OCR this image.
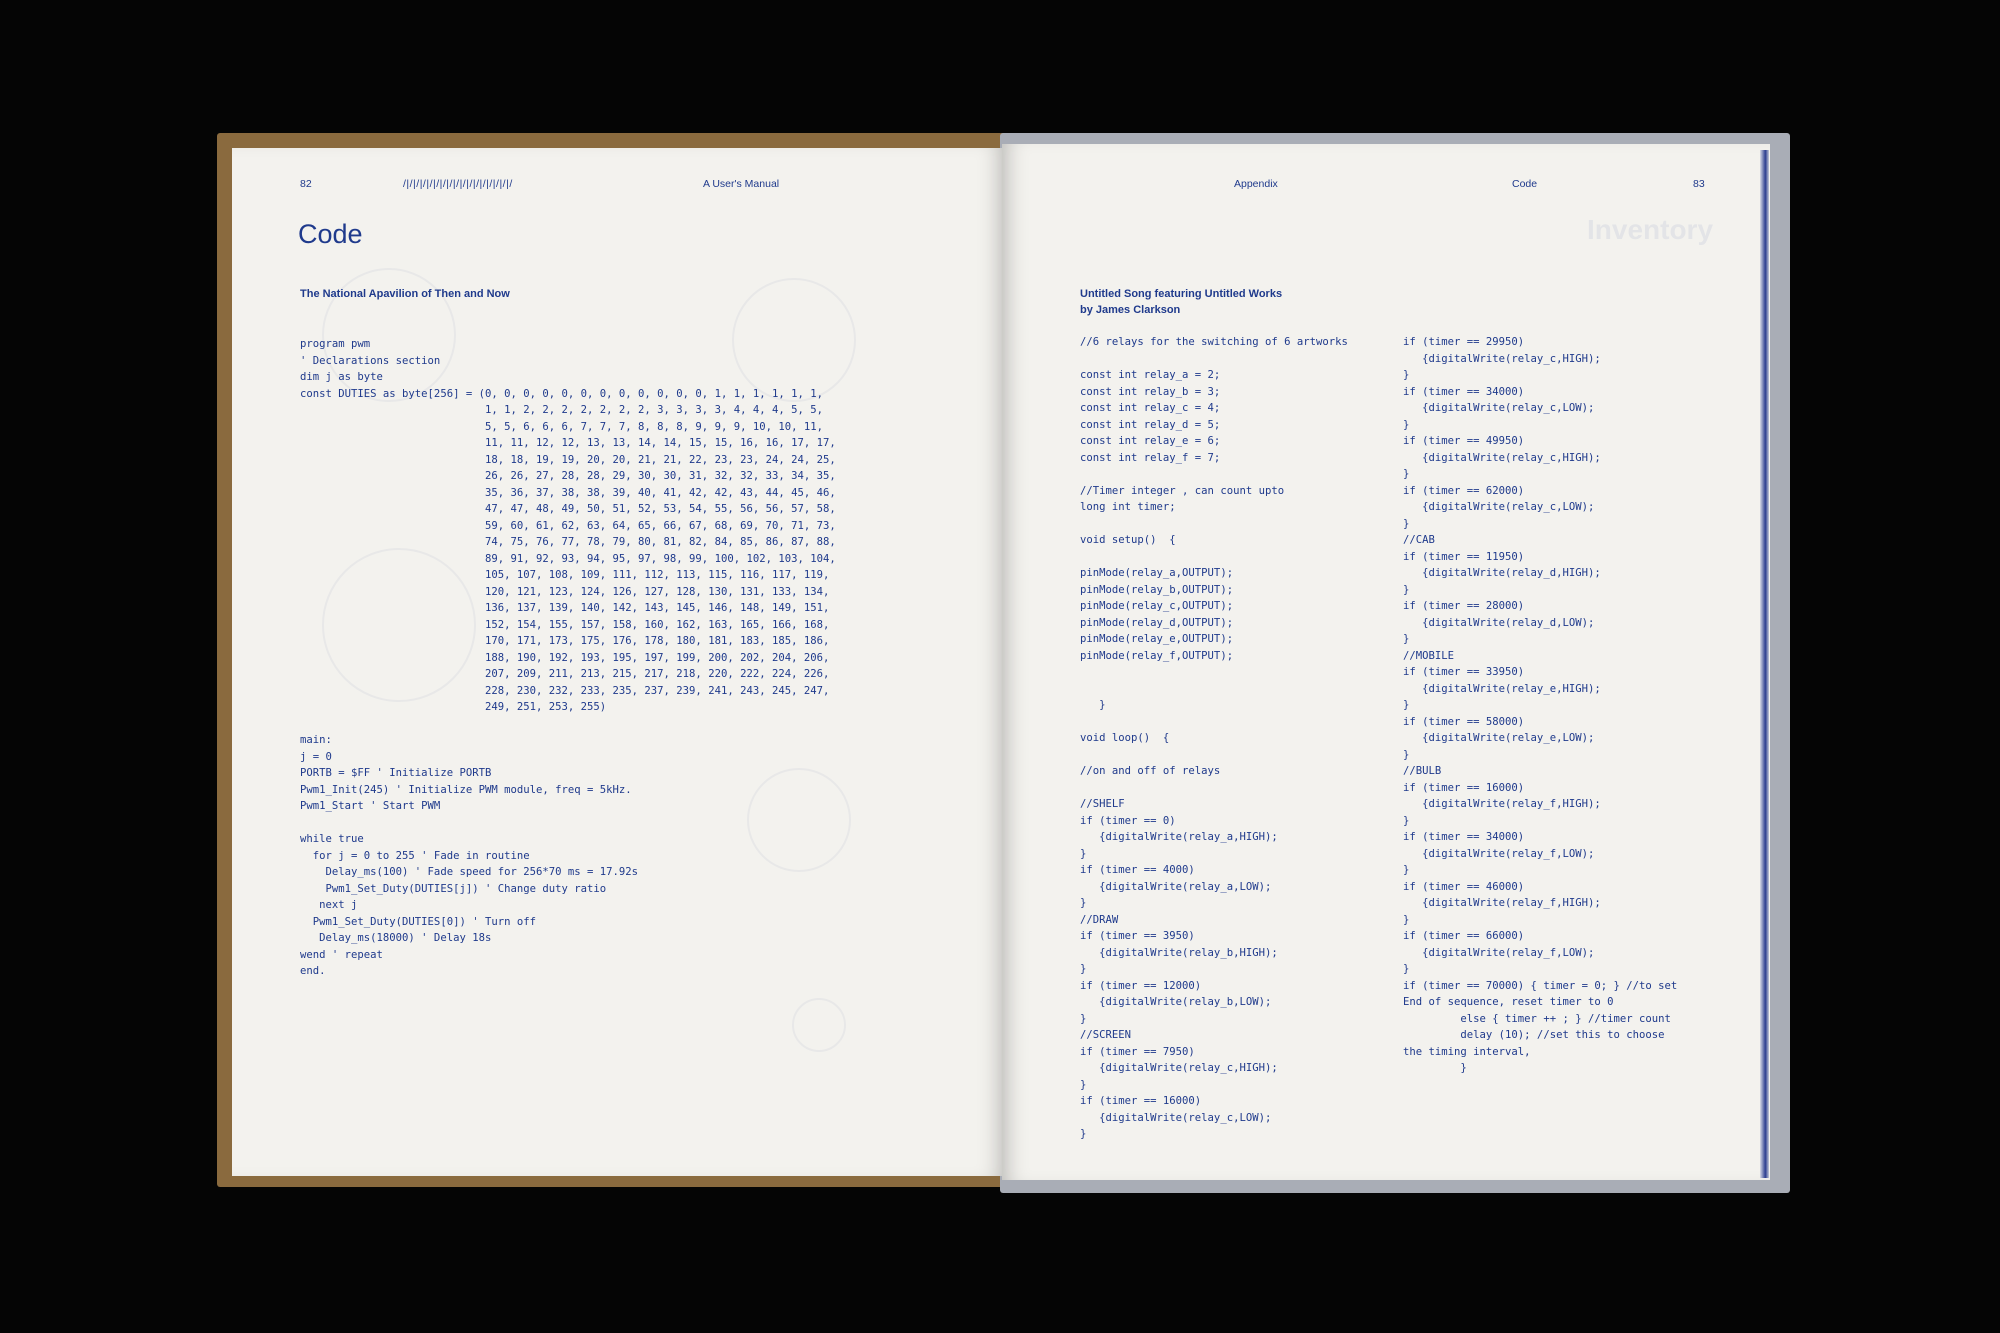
Inventory
82	/|/|/|/|/|/|/|/|/|/|/|/|/|/|/|/|/	A User's Manual
Code
The National Apavilion of Then and Now
program pwm
' Declarations section
dim j as byte
const DUTIES as byte[256] = (0, 0, 0, 0, 0, 0, 0, 0, 0, 0, 0, 0, 1, 1, 1, 1, 1, 1,
1, 1, 2, 2, 2, 2, 2, 2, 2, 3, 3, 3, 3, 4, 4, 4, 5, 5,
5, 5, 6, 6, 6, 7, 7, 7, 8, 8, 8, 9, 9, 9, 10, 10, 11,
11, 11, 12, 12, 13, 13, 14, 14, 15, 15, 16, 16, 17, 17,
18, 18, 19, 19, 20, 20, 21, 21, 22, 23, 23, 24, 24, 25,
26, 26, 27, 28, 28, 29, 30, 30, 31, 32, 32, 33, 34, 35,
35, 36, 37, 38, 38, 39, 40, 41, 42, 42, 43, 44, 45, 46,
47, 47, 48, 49, 50, 51, 52, 53, 54, 55, 56, 56, 57, 58,
59, 60, 61, 62, 63, 64, 65, 66, 67, 68, 69, 70, 71, 73,
74, 75, 76, 77, 78, 79, 80, 81, 82, 84, 85, 86, 87, 88,
89, 91, 92, 93, 94, 95, 97, 98, 99, 100, 102, 103, 104,
105, 107, 108, 109, 111, 112, 113, 115, 116, 117, 119,
120, 121, 123, 124, 126, 127, 128, 130, 131, 133, 134,
136, 137, 139, 140, 142, 143, 145, 146, 148, 149, 151,
152, 154, 155, 157, 158, 160, 162, 163, 165, 166, 168,
170, 171, 173, 175, 176, 178, 180, 181, 183, 185, 186,
188, 190, 192, 193, 195, 197, 199, 200, 202, 204, 206,
207, 209, 211, 213, 215, 217, 218, 220, 222, 224, 226,
228, 230, 232, 233, 235, 237, 239, 241, 243, 245, 247,
249, 251, 253, 255)

main:
j = 0
PORTB = $FF ' Initialize PORTB
Pwm1_Init(245) ' Initialize PWM module, freq = 5kHz.
Pwm1_Start ' Start PWM

while true
for j = 0 to 255 ' Fade in routine
Delay_ms(100) ' Fade speed for 256*70 ms = 17.92s
Pwm1_Set_Duty(DUTIES[j]) ' Change duty ratio
next j
Pwm1_Set_Duty(DUTIES[0]) ' Turn off
Delay_ms(18000) ' Delay 18s
wend ' repeat
end.
Appendix	Code	83
Untitled Song featuring Untitled Works
by James Clarkson
//6 relays for the switching of 6 artworks

const int relay_a = 2;
const int relay_b = 3;
const int relay_c = 4;
const int relay_d = 5;
const int relay_e = 6;
const int relay_f = 7;

//Timer integer , can count upto
long int timer;

void setup()  {

pinMode(relay_a,OUTPUT);
pinMode(relay_b,OUTPUT);
pinMode(relay_c,OUTPUT);
pinMode(relay_d,OUTPUT);
pinMode(relay_e,OUTPUT);
pinMode(relay_f,OUTPUT);

}

void loop()  {

//on and off of relays

//SHELF
if (timer == 0)
{digitalWrite(relay_a,HIGH);
}
if (timer == 4000)
{digitalWrite(relay_a,LOW);
}
//DRAW
if (timer == 3950)
{digitalWrite(relay_b,HIGH);
}
if (timer == 12000)
{digitalWrite(relay_b,LOW);
}
//SCREEN
if (timer == 7950)
{digitalWrite(relay_c,HIGH);
}
if (timer == 16000)
{digitalWrite(relay_c,LOW);
}
if (timer == 29950)
{digitalWrite(relay_c,HIGH);
}
if (timer == 34000)
{digitalWrite(relay_c,LOW);
}
if (timer == 49950)
{digitalWrite(relay_c,HIGH);
}
if (timer == 62000)
{digitalWrite(relay_c,LOW);
}
//CAB
if (timer == 11950)
{digitalWrite(relay_d,HIGH);
}
if (timer == 28000)
{digitalWrite(relay_d,LOW);
}
//MOBILE
if (timer == 33950)
{digitalWrite(relay_e,HIGH);
}
if (timer == 58000)
{digitalWrite(relay_e,LOW);
}
//BULB
if (timer == 16000)
{digitalWrite(relay_f,HIGH);
}
if (timer == 34000)
{digitalWrite(relay_f,LOW);
}
if (timer == 46000)
{digitalWrite(relay_f,HIGH);
}
if (timer == 66000)
{digitalWrite(relay_f,LOW);
}
if (timer == 70000) { timer = 0; } //to set
End of sequence, reset timer to 0
else { timer ++ ; } //timer count
delay (10); //set this to choose
the timing interval,
}
